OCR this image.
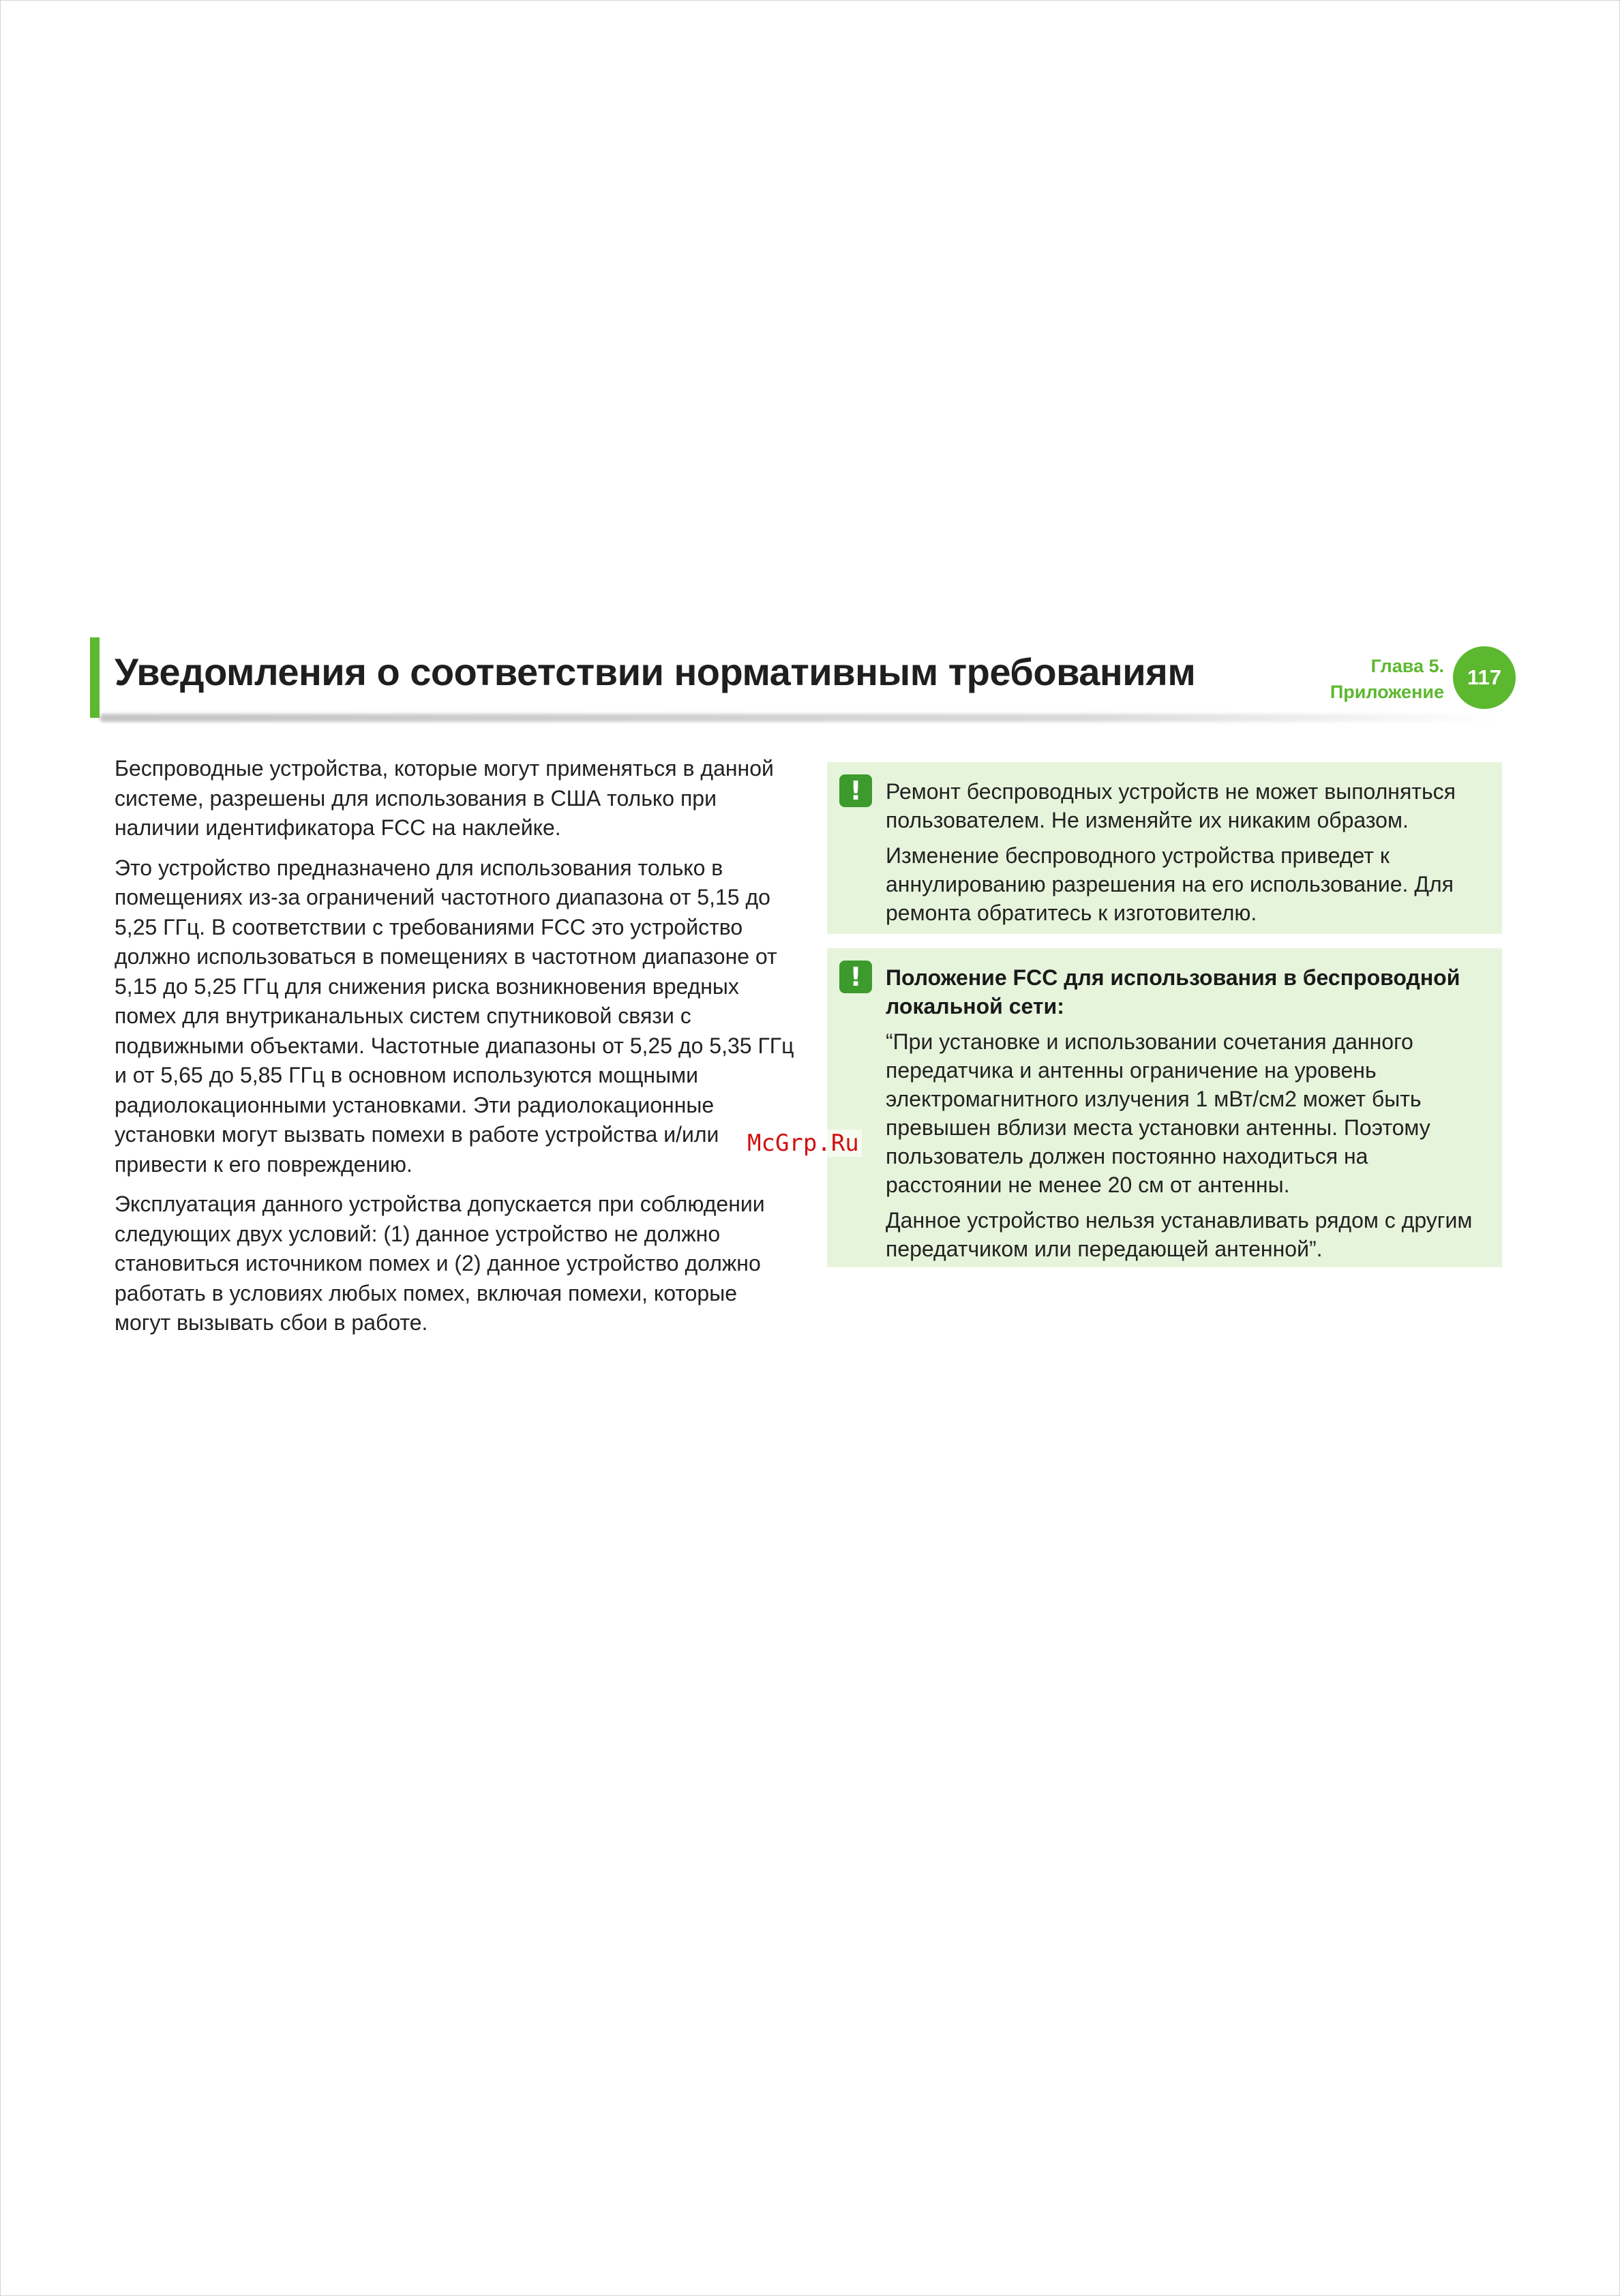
Уведомления о соответствии нормативным требованиям	Глава 5.
Приложение
117

Беспроводные устройства, которые могут применяться в данной системе, разрешены для использования в США только при наличии идентификатора FCC на наклейке.

Это устройство предназначено для использования только в помещениях из-за ограничений частотного диапазона от 5,15 до 5,25 ГГц. В соответствии с требованиями FCC это устройство должно использоваться в помещениях в частотном диапазоне от 5,15 до 5,25 ГГц для снижения риска возникновения вредных помех для внутриканальных систем спутниковой связи с подвижными объектами. Частотные диапазоны от 5,25 до 5,35 ГГц и от 5,65 до 5,85 ГГц в основном используются мощными радиолокационными установками. Эти радиолокационные установки могут вызвать помехи в работе устройства и/или привести к его повреждению.

Эксплуатация данного устройства допускается при соблюдении следующих двух условий: (1) данное устройство не должно становиться источником помех и (2) данное устройство должно работать в условиях любых помех, включая помехи, которые могут вызывать сбои в работе.

!	Ремонт беспроводных устройств не может выполняться пользователем. Не изменяйте их никаким образом.

Изменение беспроводного устройства приведет к аннулированию разрешения на его использование. Для ремонта обратитесь к изготовителю.

!	Положение FCC для использования в беспроводной локальной сети:

“При установке и использовании сочетания данного передатчика и антенны ограничение на уровень электромагнитного излучения 1 мВт/см2 может быть превышен вблизи места установки антенны. Поэтому пользователь должен постоянно находиться на расстоянии не менее 20 см от антенны.

Данное устройство нельзя устанавливать рядом с другим передатчиком или передающей антенной”.

McGrp.Ru
